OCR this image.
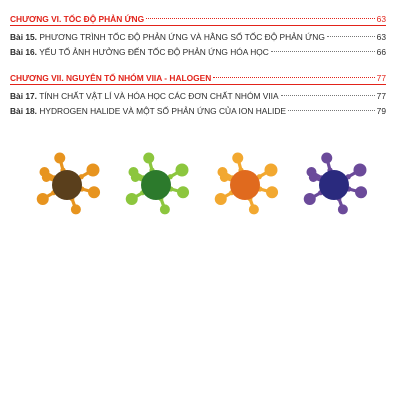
CHƯƠNG VI. TỐC ĐỘ PHẢN ỨNG	63
Bài 15. PHƯƠNG TRÌNH TỐC ĐỘ PHẢN ỨNG VÀ HẰNG SỐ TỐC ĐỘ PHẢN ỨNG	63
Bài 16. YẾU TỐ ẢNH HƯỞNG ĐẾN TỐC ĐỘ PHẢN ỨNG HÓA HỌC	66
CHƯƠNG VII. NGUYÊN TỐ NHÓM VIIA - HALOGEN	77
Bài 17. TÍNH CHẤT VẬT LÍ VÀ HÓA HỌC CÁC ĐƠN CHẤT NHÓM VIIA	77
Bài 18. HYDROGEN HALIDE VÀ MỘT SỐ PHẢN ỨNG CỦA ION HALIDE	79
